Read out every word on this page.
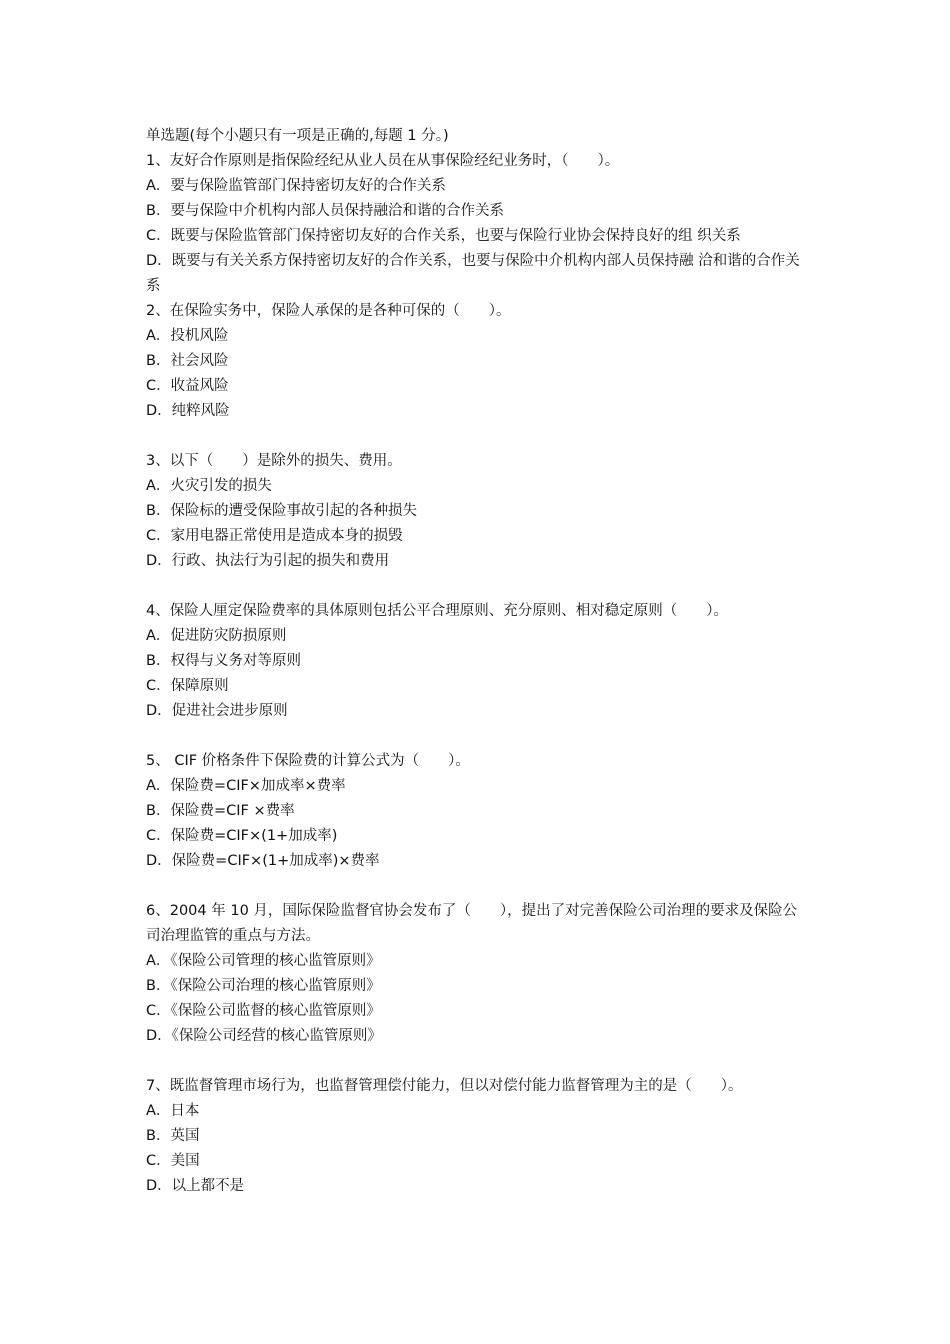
单选题(每个小题只有一项是正确的,每题 1 分。)
1、友好合作原则是指保险经纪从业人员在从事保险经纪业务时，（　　）。
A．要与保险监管部门保持密切友好的合作关系
B．要与保险中介机构内部人员保持融洽和谐的合作关系
C．既要与保险监管部门保持密切友好的合作关系，也要与保险行业协会保持良好的组 织关系
D．既要与有关关系方保持密切友好的合作关系，也要与保险中介机构内部人员保持融 洽和谐的合作关系
2、在保险实务中，保险人承保的是各种可保的（　　）。
A．投机风险
B．社会风险
C．收益风险
D．纯粹风险
3、以下（　　）是除外的损失、费用。
A．火灾引发的损失
B．保险标的遭受保险事故引起的各种损失
C．家用电器正常使用是造成本身的损毁
D．行政、执法行为引起的损失和费用
4、保险人厘定保险费率的具体原则包括公平合理原则、充分原则、相对稳定原则（　　）。
A．促进防灾防损原则
B．权得与义务对等原则
C．保障原则
D．促进社会进步原则
5、 CIF 价格条件下保险费的计算公式为（　　）。
A．保险费=CIF×加成率×费率
B．保险费=CIF ×费率
C．保险费=CIF×(1+加成率)
D．保险费=CIF×(1+加成率)×费率
6、2004 年 10 月，国际保险监督官协会发布了（　　），提出了对完善保险公司治理的要求及保险公司治理监管的重点与方法。
A．《保险公司管理的核心监管原则》
B．《保险公司治理的核心监管原则》
C．《保险公司监督的核心监管原则》
D．《保险公司经营的核心监管原则》
7、既监督管理市场行为，也监督管理偿付能力，但以对偿付能力监督管理为主的是（　　）。
A．日本
B．英国
C．美国
D．以上都不是
